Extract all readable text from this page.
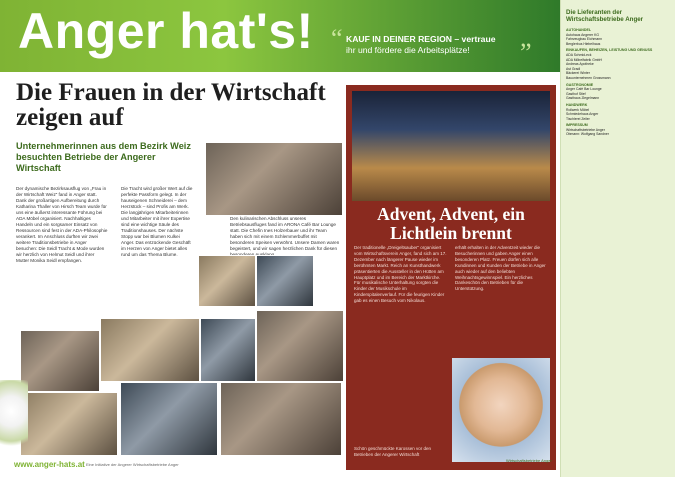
Anger hat's! “ KAUF IN DEINER REGION – vertraue
ihr und fördere die Arbeitsplätze!	”
Die Lieferanten der
Wirtschaftsbetriebe Anger
AUTOHANDEL
Autohaus Angerer KG
Fahrzeugbau Eichmann
Berglerbus Hiebelhaus
EINKAUFEN, BEHEIZEN, LEISTUNG UND GENUSS
ADA Schmid-eck
ADA Möbelfabrik GmbH
Andreas Apotheke
Ast Gradl
Bäckerei Winter
Bauunternehmen Grossmann
GASTRONOMIE
Anger Café Bar Lounge
Gasthof Stief
Gasthaus Ziegelmann
HANDWERK
Rollwerk Möbel
Schmiedehaus Anger
Tischlerei Zeiler
IMPRESSUM
Wirtschaftsbetriebe Anger
Obmann: Wolfgang Sandner
Die Frauen in der Wirtschaft zeigen auf
Unternehmerinnen aus dem Bezirk Weiz besuchten Betriebe der Angerer Wirtschaft
Der dynamische Bezirksausflug von „Frau in der Wirtschaft Weiz“ fand in Anger statt. Dank der großartigen Aufbereitung durch Katharina Thaller von Hirsch Team wurde für uns eine äußerst interessante Führung bei ADA Möbel organisiert. Nachhaltiges Handeln und ein sorgsamer Einsatz von Ressourcen sind fest in der ADA-Philosophie verankert. Im Anschluss durften wir zwei weitere Traditionsbetriebe in Anger besuchen: Die Seidl Tracht & Mode wurden wir herzlich von Helmut Seidl und ihrer Mutter Monika Seidl empfangen.
Die Tracht wird großer Wert auf die perfekte Passform gelegt. In der hauseigenen Schneiderei – dem Herzstück – sind Profis am Werk. Die langjährigen Mitarbeiterinnen und Mitarbeiter mit ihrer Expertise sind eine wichtige Säule des Traditionshauses. Der nächste Stopp war bei Blumen Kulkei Anger. Das entzückende Geschäft im Herzen von Anger bietet alles rund um das Thema Blume.
Den kulinarischen Abschluss unseres Betriebsausfluges fand im ARONA Café Bar Lounge statt. Die Chefin Ines Holzerbauer und ihr Team haben sich mit einem Schlemmerbuffet mit besonderen Speisen verwöhnt. Unsere Damen waren begeistert, und wir sagen herzlichen Dank für diesen
Advent, Advent, ein Lichtlein brennt
Der traditionelle „Dreigeltsauber“ organisiert vom Wirtschaftsverein Anger, fand sich am 17. Dezember nach längerer Pause wieder im berühmten Markt. Reich an Kunsthandwerk präsentierten die Aussteller in den Hütten am Hauptplatz und im Bereich der Marktkirche. Für musikalische Unterhaltung sorgten die Kinder der Musikschule im Kinderspitalenverlauf. Für die feurigen Kinder gab es einen Besuch vom Nikolaus.
erhält erhalten in der Adventzeit wieder die Besucherinnen und gaben Anger einen besonderen Platz. Freuen dürfen sich alle Kundinnen und Kunden der Betriebe in Anger auch wieder auf den beliebten Weihnachtsgewinnspiel. Ein herzliches Dankeschön den Betrieben für die Unterstützung.
Schön geschmückte Karossen vor den Betrieben der Angerer Wirtschaft
www.anger-hats.at Eine Initiative der Angerer Wirtschaftsbetriebe Anger
Wirtschaftsbetriebe Anger
